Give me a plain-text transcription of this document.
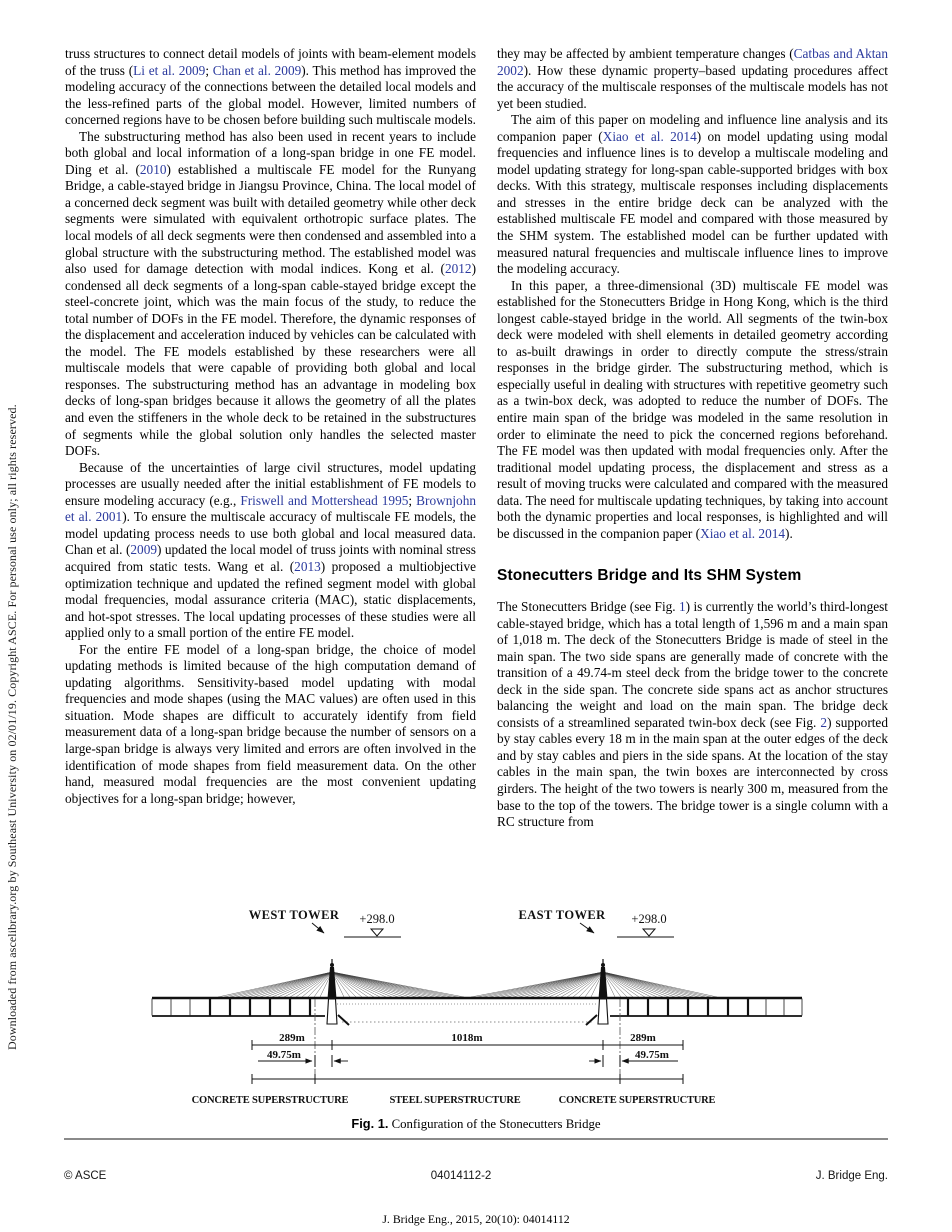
Downloaded from ascelibrary.org by Southeast University on 02/01/19. Copyright ASCE. For personal use only; all rights reserved.

truss structures to connect detail models of joints with beam-element models of the truss (Li et al. 2009; Chan et al. 2009). This method has improved the modeling accuracy of the connections between the detailed local models and the less-refined parts of the global model. However, limited numbers of concerned regions have to be chosen before building such multiscale models.

The substructuring method has also been used in recent years to include both global and local information of a long-span bridge in one FE model. Ding et al. (2010) established a multiscale FE model for the Runyang Bridge, a cable-stayed bridge in Jiangsu Province, China. The local model of a concerned deck segment was built with detailed geometry while other deck segments were simulated with equivalent orthotropic surface plates. The local models of all deck segments were then condensed and assembled into a global structure with the substructuring method. The established model was also used for damage detection with modal indices. Kong et al. (2012) condensed all deck segments of a long-span cable-stayed bridge except the steel-concrete joint, which was the main focus of the study, to reduce the total number of DOFs in the FE model. Therefore, the dynamic responses of the displacement and acceleration induced by vehicles can be calculated with the model. The FE models established by these researchers were all multiscale models that were capable of providing both global and local responses. The substructuring method has an advantage in modeling box decks of long-span bridges because it allows the geometry of all the plates and even the stiffeners in the whole deck to be retained in the substructures of segments while the global solution only handles the selected master DOFs.

Because of the uncertainties of large civil structures, model updating processes are usually needed after the initial establishment of FE models to ensure modeling accuracy (e.g., Friswell and Mottershead 1995; Brownjohn et al. 2001). To ensure the multiscale accuracy of multiscale FE models, the model updating process needs to use both global and local measured data. Chan et al. (2009) updated the local model of truss joints with nominal stress acquired from static tests. Wang et al. (2013) proposed a multiobjective optimization technique and updated the refined segment model with global modal frequencies, modal assurance criteria (MAC), static displacements, and hot-spot stresses. The local updating processes of these studies were all applied only to a small portion of the entire FE model.

For the entire FE model of a long-span bridge, the choice of model updating methods is limited because of the high computation demand of updating algorithms. Sensitivity-based model updating with modal frequencies and mode shapes (using the MAC values) are often used in this situation. Mode shapes are difficult to accurately identify from field measurement data of a long-span bridge because the number of sensors on a large-span bridge is always very limited and errors are often involved in the identification of mode shapes from field measurement data. On the other hand, measured modal frequencies are the most convenient updating objectives for a long-span bridge; however,

they may be affected by ambient temperature changes (Catbas and Aktan 2002). How these dynamic property–based updating procedures affect the accuracy of the multiscale responses of the multiscale models has not yet been studied.

The aim of this paper on modeling and influence line analysis and its companion paper (Xiao et al. 2014) on model updating using modal frequencies and influence lines is to develop a multiscale modeling and model updating strategy for long-span cable-supported bridges with box decks. With this strategy, multiscale responses including displacements and stresses in the entire bridge deck can be analyzed with the established multiscale FE model and compared with those measured by the SHM system. The established model can be further updated with measured natural frequencies and multiscale influence lines to improve the modeling accuracy.

In this paper, a three-dimensional (3D) multiscale FE model was established for the Stonecutters Bridge in Hong Kong, which is the third longest cable-stayed bridge in the world. All segments of the twin-box deck were modeled with shell elements in detailed geometry according to as-built drawings in order to directly compute the stress/strain responses in the bridge girder. The substructuring method, which is especially useful in dealing with structures with repetitive geometry such as a twin-box deck, was adopted to reduce the number of DOFs. The entire main span of the bridge was modeled in the same resolution in order to eliminate the need to pick the concerned regions beforehand. The FE model was then updated with modal frequencies only. After the traditional model updating process, the displacement and stress as a result of moving trucks were calculated and compared with the measured data. The need for multiscale updating techniques, by taking into account both the dynamic properties and local responses, is highlighted and will be discussed in the companion paper (Xiao et al. 2014).

Stonecutters Bridge and Its SHM System

The Stonecutters Bridge (see Fig. 1) is currently the world’s third-longest cable-stayed bridge, which has a total length of 1,596 m and a main span of 1,018 m. The deck of the Stonecutters Bridge is made of steel in the main span. The two side spans are generally made of concrete with the transition of a 49.74-m steel deck from the bridge tower to the concrete deck in the side span. The concrete side spans act as anchor structures balancing the weight and load on the main span. The bridge deck consists of a streamlined separated twin-box deck (see Fig. 2) supported by stay cables every 18 m in the main span at the outer edges of the deck and by stay cables and piers in the side spans. At the location of the stay cables in the main span, the twin boxes are interconnected by cross girders. The height of the two towers is nearly 300 m, measured from the base to the top of the towers. The bridge tower is a single column with a RC structure from

WEST TOWER +298.0	EAST TOWER +298.0
289m	1018m	289m
49.75m	49.75m
CONCRETE SUPERSTRUCTURE	STEEL SUPERSTRUCTURE	CONCRETE SUPERSTRUCTURE
Fig. 1. Configuration of the Stonecutters Bridge
© ASCE	04014112-2	J. Bridge Eng.
J. Bridge Eng., 2015, 20(10): 04014112
